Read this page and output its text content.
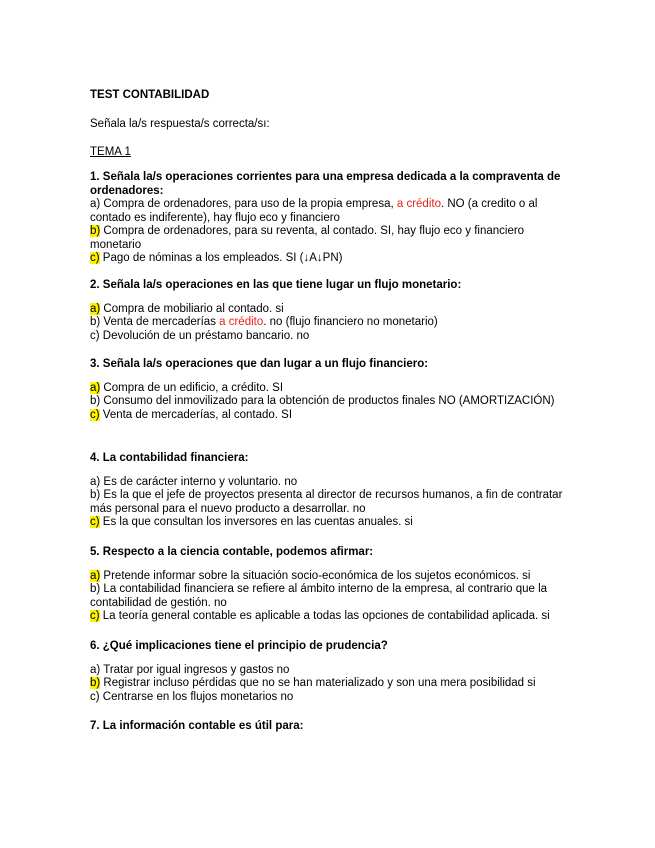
TEST CONTABILIDAD
Señala la/s respuesta/s correcta/sı:
TEMA 1
1. Señala la/s operaciones corrientes para una empresa dedicada a la compraventa de ordenadores:
a) Compra de ordenadores, para uso de la propia empresa, a crédito. NO (a credito o al contado es indiferente), hay flujo eco y financiero
b) Compra de ordenadores, para su reventa, al contado. SI, hay flujo eco y financiero monetario
c) Pago de nóminas a los empleados. SI (↓A↓PN)
2. Señala la/s operaciones en las que tiene lugar un flujo monetario:
a) Compra de mobiliario al contado. si
b) Venta de mercaderías a crédito. no (flujo financiero no monetario)
c) Devolución de un préstamo bancario. no
3. Señala la/s operaciones que dan lugar a un flujo financiero:
a) Compra de un edificio, a crédito. SI
b) Consumo del inmovilizado para la obtención de productos finales NO (AMORTIZACIÓN)
c) Venta de mercaderías, al contado. SI
4. La contabilidad financiera:
a) Es de carácter interno y voluntario. no
b) Es la que el jefe de proyectos presenta al director de recursos humanos, a fin de contratar más personal para el nuevo producto a desarrollar. no
c) Es la que consultan los inversores en las cuentas anuales. si
5. Respecto a la ciencia contable, podemos afirmar:
a) Pretende informar sobre la situación socio-económica de los sujetos económicos. si
b) La contabilidad financiera se refiere al ámbito interno de la empresa, al contrario que la contabilidad de gestión. no
c) La teoría general contable es aplicable a todas las opciones de contabilidad aplicada. si
6. ¿Qué implicaciones tiene el principio de prudencia?
a) Tratar por igual ingresos y gastos no
b) Registrar incluso pérdidas que no se han materializado y son una mera posibilidad si
c) Centrarse en los flujos monetarios no
7. La información contable es útil para:
